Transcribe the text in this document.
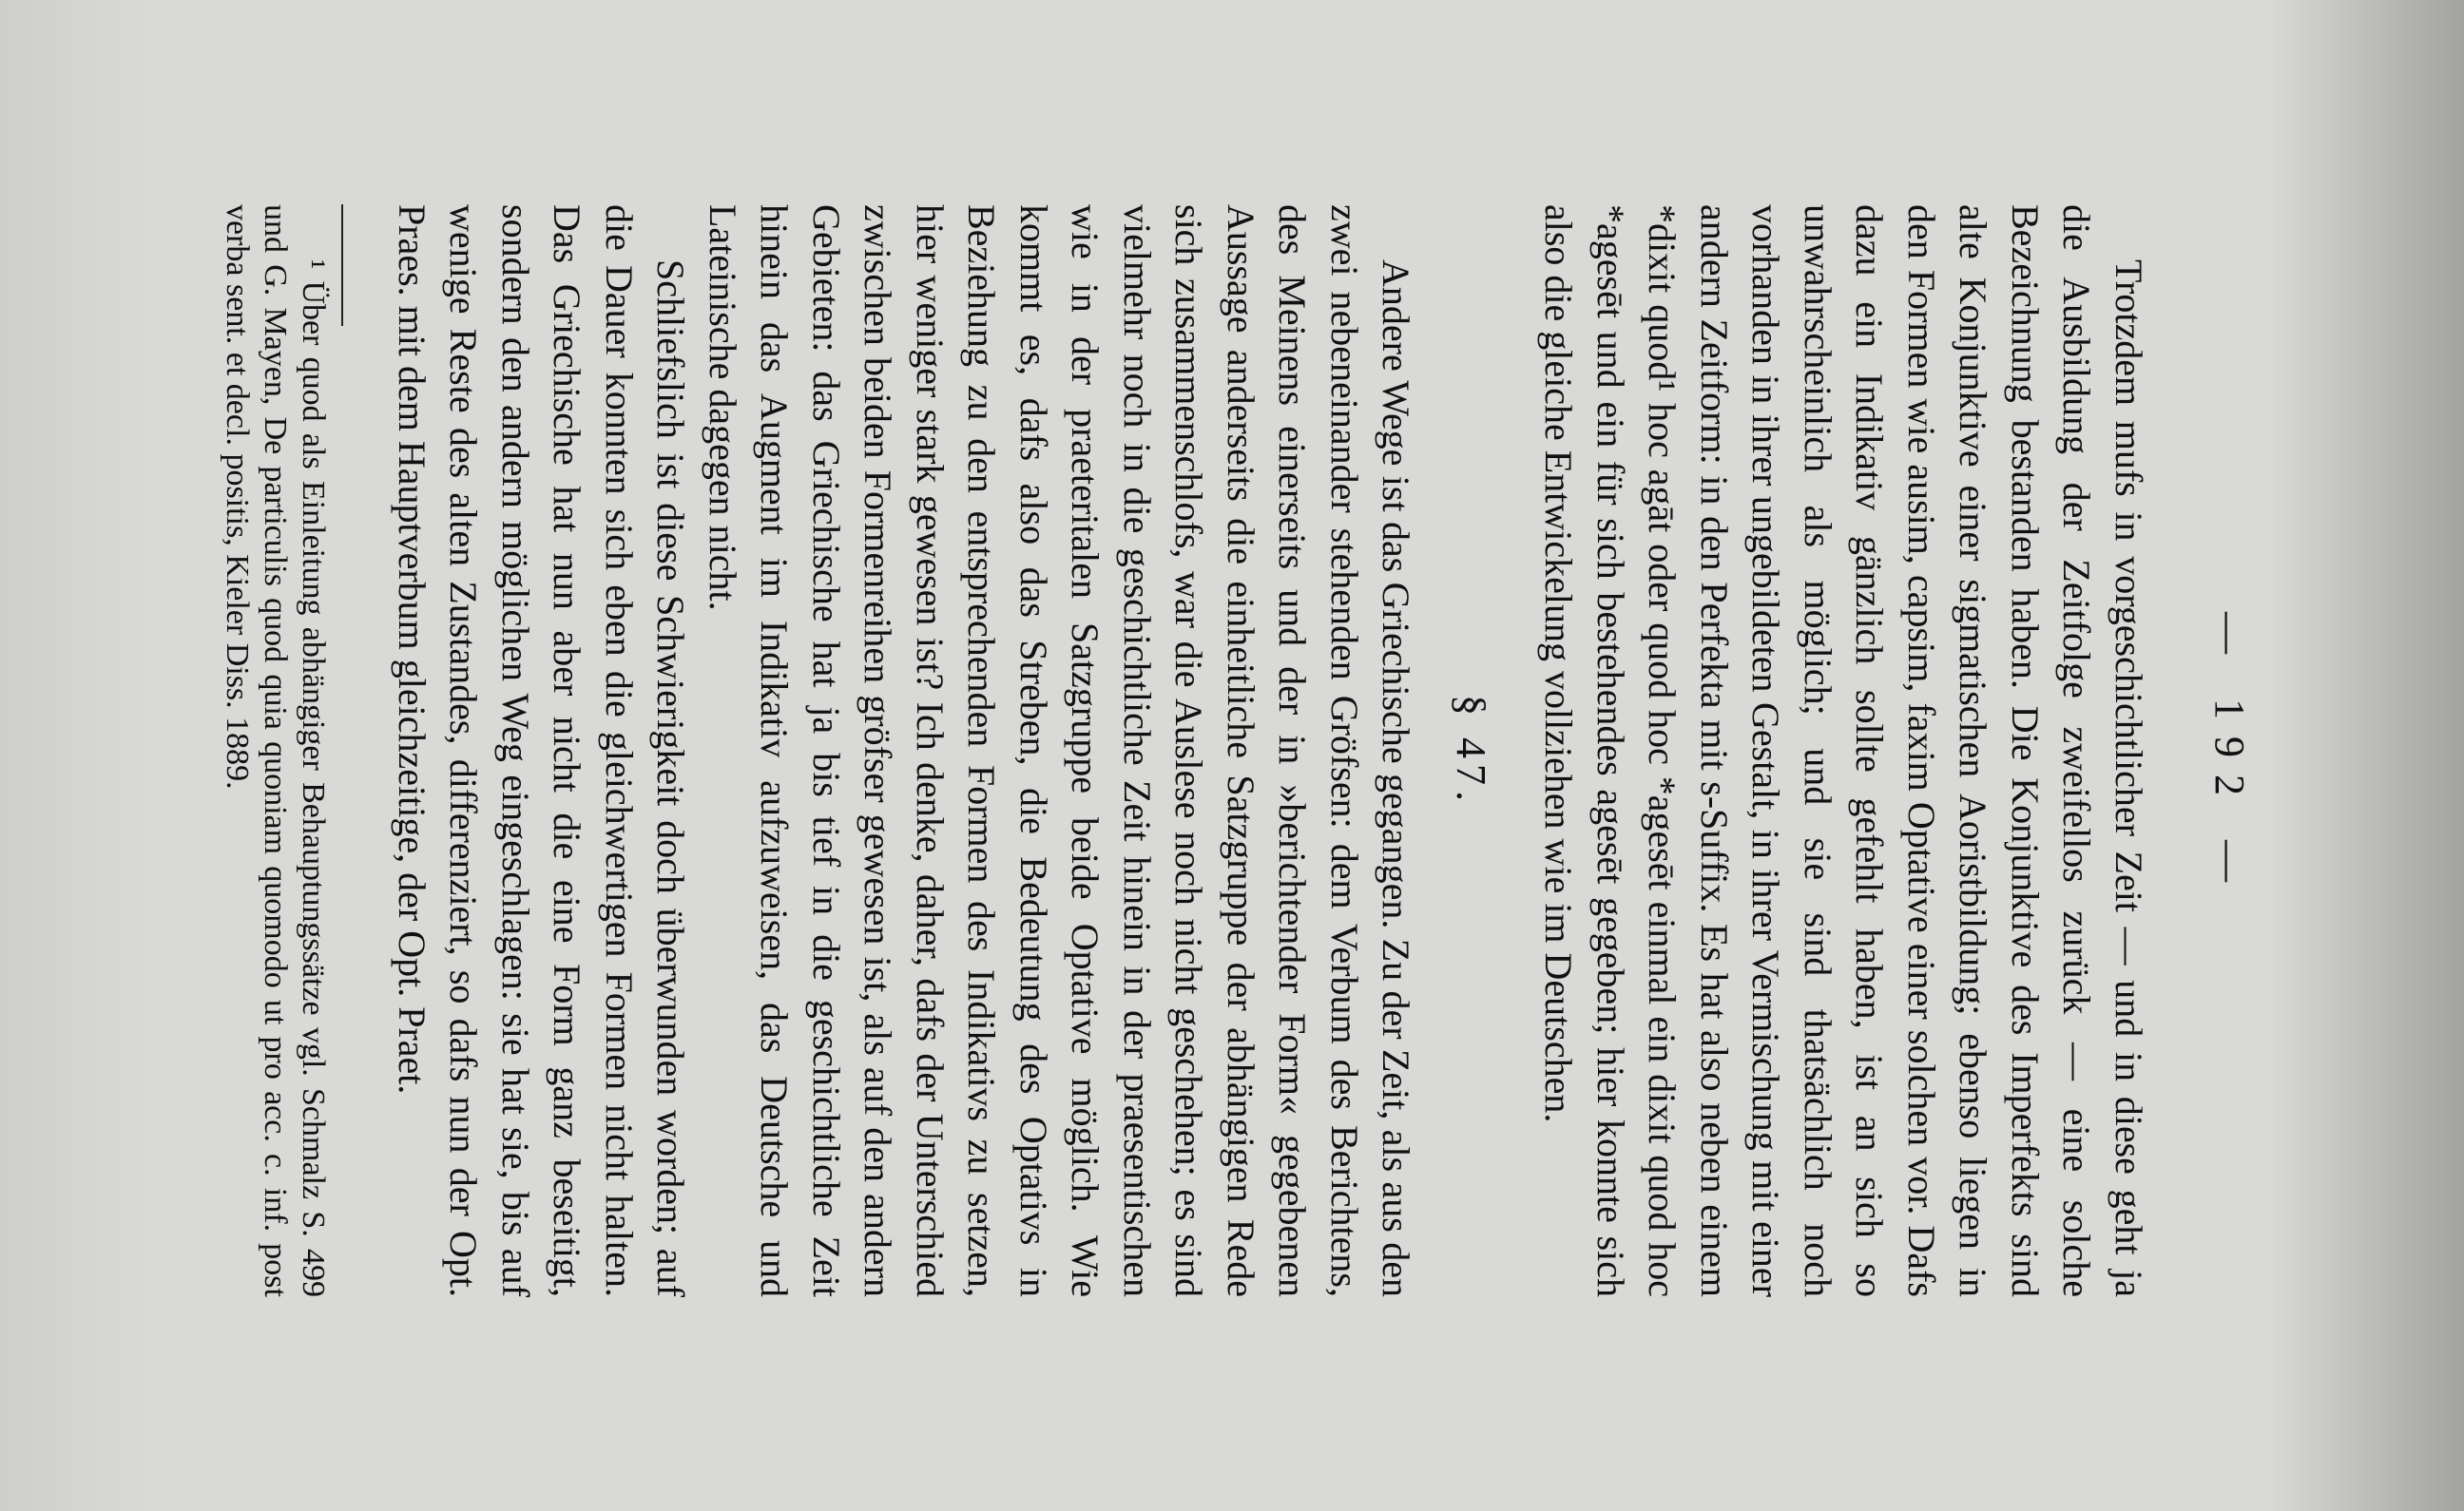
— 192 —

Trotzdem mufs in vorgeschichtlicher Zeit — und in diese geht ja die Ausbildung der Zeitfolge zweifellos zurück — eine solche Bezeichnung bestanden haben. Die Konjunktive des Imperfekts sind alte Konjunktive einer sigmatischen Aoristbildung; ebenso liegen in den Formen wie ausim, capsim, faxim Optative einer solchen vor. Dafs dazu ein Indikativ gänzlich sollte gefehlt haben, ist an sich so unwahrscheinlich als möglich; und sie sind thatsächlich noch vorhanden in ihrer ungebildeten Gestalt, in ihrer Vermischung mit einer andern Zeitform: in den Perfekta mit s-Suffix. Es hat also neben einem *dixit quod¹ hoc agāt oder quod hoc *agesēt einmal ein dixit quod hoc *agesēt und ein für sich bestehendes agesēt gegeben; hier konnte sich also die gleiche Entwickelung vollziehen wie im Deutschen.

§ 47.

Andere Wege ist das Griechische gegangen. Zu der Zeit, als aus den zwei nebeneinander stehenden Gröfsen: dem Verbum des Berichtens, des Meinens einerseits und der in »berichtender Form« gegebenen Aussage anderseits die einheitliche Satzgruppe der abhängigen Rede sich zusammenschlofs, war die Auslese noch nicht geschehen; es sind vielmehr noch in die geschichtliche Zeit hinein in der praesentischen wie in der praeteritalen Satzgruppe beide Optative möglich. Wie kommt es, dafs also das Streben, die Bedeutung des Optativs in Beziehung zu den entsprechenden Formen des Indikativs zu setzen, hier weniger stark gewesen ist? Ich denke, daher, dafs der Unterschied zwischen beiden Formenreihen gröfser gewesen ist, als auf den andern Gebieten: das Griechische hat ja bis tief in die geschichtliche Zeit hinein das Augment im Indikativ aufzuweisen, das Deutsche und Lateinische dagegen nicht.

Schliefslich ist diese Schwierigkeit doch überwunden worden; auf die Dauer konnten sich eben die gleichwertigen Formen nicht halten. Das Griechische hat nun aber nicht die eine Form ganz beseitigt, sondern den andern möglichen Weg eingeschlagen: sie hat sie, bis auf wenige Reste des alten Zustandes, differenziert, so dafs nun der Opt. Praes. mit dem Hauptverbum gleichzeitige, der Opt. Praet.

¹ Über quod als Einleitung abhängiger Behauptungssätze vgl. Schmalz S. 499 und G. Mayen, De particulis quod quia quoniam quomodo ut pro acc. c. inf. post verba sent. et decl. positis, Kieler Diss. 1889.
